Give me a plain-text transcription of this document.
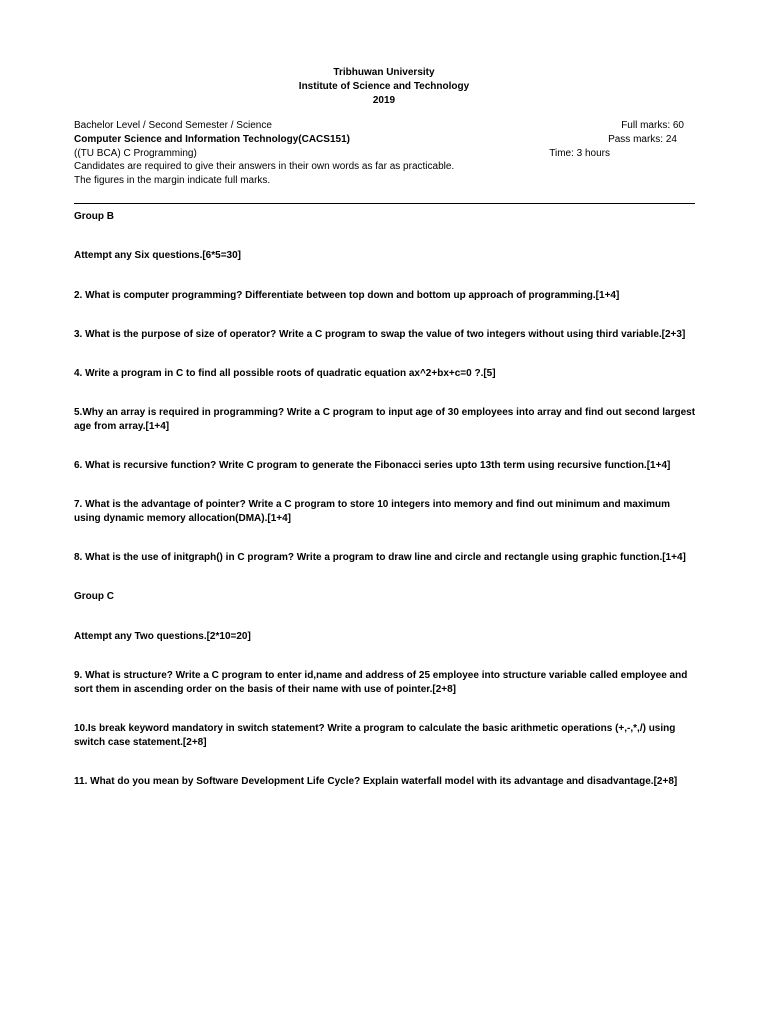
Tribhuwan University
Institute of Science and Technology
2019
Bachelor Level / Second Semester / Science	Full marks: 60
Computer Science and Information Technology(CACS151)	Pass marks: 24
((TU BCA) C Programming)	Time: 3 hours
Candidates are required to give their answers in their own words as far as practicable.
The figures in the margin indicate full marks.
Group B
Attempt any Six questions.[6*5=30]
2. What is computer programming? Differentiate between top down and bottom up approach of programming.[1+4]
3. What is the purpose of size of operator? Write a C program to swap the value of two integers without using third variable.[2+3]
4. Write a program in C to find all possible roots of quadratic equation ax^2+bx+c=0 ?.[5]
5.Why an array is required in programming? Write a C program to input age of 30 employees into array and find out second largest age from array.[1+4]
6. What is recursive function? Write C program to generate the Fibonacci series upto 13th term using recursive function.[1+4]
7. What is the advantage of pointer? Write a C program to store 10 integers into memory and find out minimum and maximum using dynamic memory allocation(DMA).[1+4]
8. What is the use of initgraph() in C program? Write a program to draw line and circle and rectangle using graphic function.[1+4]
Group C
Attempt any Two questions.[2*10=20]
9. What is structure? Write a C program to enter id,name and address of 25 employee into structure variable called employee and sort them in ascending order on the basis of their name with use of pointer.[2+8]
10.Is break keyword mandatory in switch statement? Write a program to calculate the basic arithmetic operations (+,-,*,/) using switch case statement.[2+8]
11. What do you mean by Software Development Life Cycle? Explain waterfall model with its advantage and disadvantage.[2+8]
